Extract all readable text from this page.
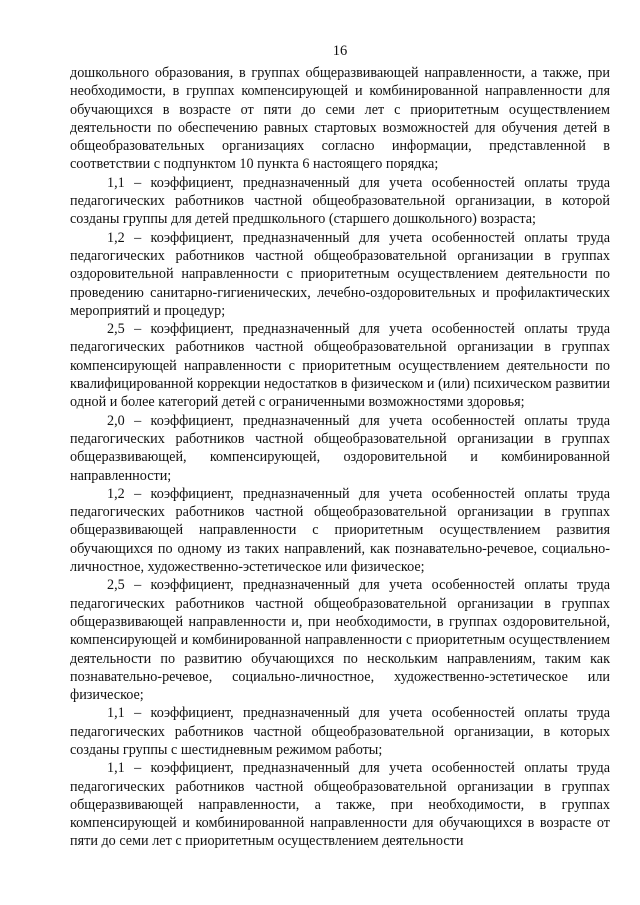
16

дошкольного образования, в группах общеразвивающей направленности, а также, при необходимости, в группах компенсирующей и комбинированной направленности для обучающихся в возрасте от пяти до семи лет с приоритетным осуществлением деятельности по обеспечению равных стартовых возможностей для обучения детей в общеобразовательных организациях согласно информации, представленной в соответствии с подпунктом 10 пункта 6 настоящего порядка;

1,1 – коэффициент, предназначенный для учета особенностей оплаты труда педагогических работников частной общеобразовательной организации, в которой созданы группы для детей предшкольного (старшего дошкольного) возраста;

1,2 – коэффициент, предназначенный для учета особенностей оплаты труда педагогических работников частной общеобразовательной организации в группах оздоровительной направленности с приоритетным осуществлением деятельности по проведению санитарно-гигиенических, лечебно-оздоровительных и профилактических мероприятий и процедур;

2,5 – коэффициент, предназначенный для учета особенностей оплаты труда педагогических работников частной общеобразовательной организации в группах компенсирующей направленности с приоритетным осуществлением деятельности по квалифицированной коррекции недостатков в физическом и (или) психическом развитии одной и более категорий детей с ограниченными возможностями здоровья;

2,0 – коэффициент, предназначенный для учета особенностей оплаты труда педагогических работников частной общеобразовательной организации в группах общеразвивающей, компенсирующей, оздоровительной и комбинированной направленности;

1,2 – коэффициент, предназначенный для учета особенностей оплаты труда педагогических работников частной общеобразовательной организации в группах общеразвивающей направленности с приоритетным осуществлением развития обучающихся по одному из таких направлений, как познавательно-речевое, социально-личностное, художественно-эстетическое или физическое;

2,5 – коэффициент, предназначенный для учета особенностей оплаты труда педагогических работников частной общеобразовательной организации в группах общеразвивающей направленности и, при необходимости, в группах оздоровительной, компенсирующей и комбинированной направленности с приоритетным осуществлением деятельности по развитию обучающихся по нескольким направлениям, таким как познавательно-речевое, социально-личностное, художественно-эстетическое или физическое;

1,1 – коэффициент, предназначенный для учета особенностей оплаты труда педагогических работников частной общеобразовательной организации, в которых созданы группы с шестидневным режимом работы;

1,1 – коэффициент, предназначенный для учета особенностей оплаты труда педагогических работников частной общеобразовательной организации в группах общеразвивающей направленности, а также, при необходимости, в группах компенсирующей и комбинированной направленности для обучающихся в возрасте от пяти до семи лет с приоритетным осуществлением деятельности
